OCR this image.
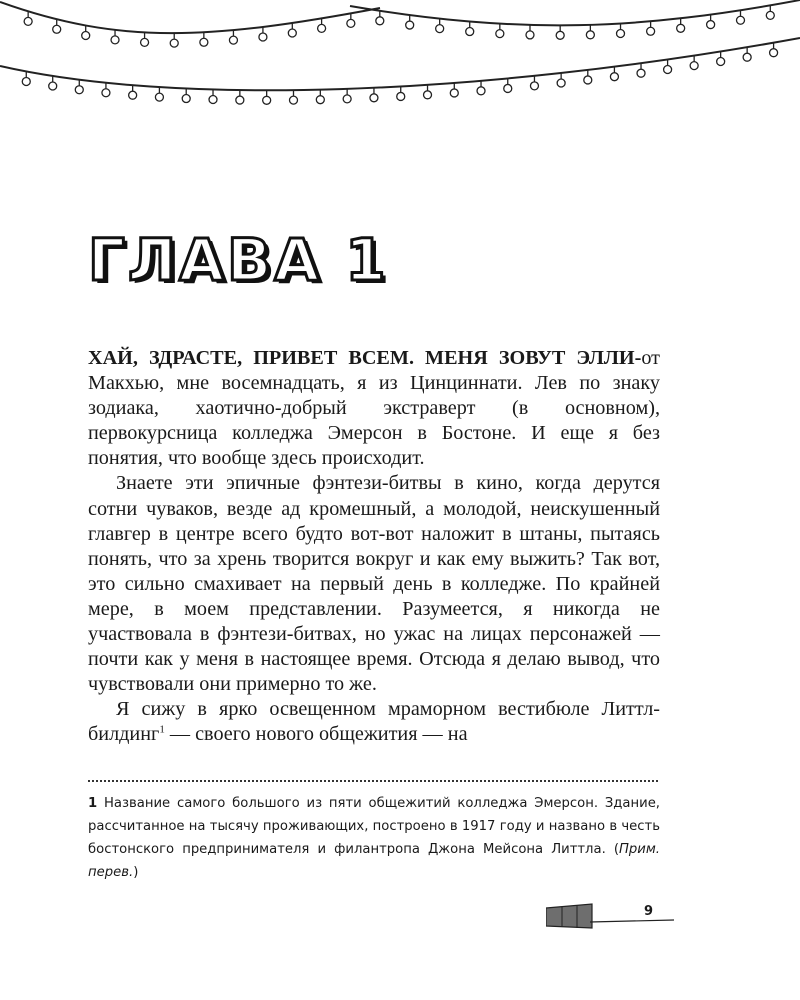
ГЛАВА 1

ХАЙ, ЗДРАСТЕ, ПРИВЕТ ВСЕМ. МЕНЯ ЗОВУТ ЭЛЛИ-от Макхью, мне восемнадцать, я из Цинциннати. Лев по знаку зодиака, хаотично-добрый экстраверт (в основном), первокурсница колледжа Эмерсон в Бостоне. И еще я без понятия, что вообще здесь происходит.

Знаете эти эпичные фэнтези-битвы в кино, когда дерутся сотни чуваков, везде ад кромешный, а молодой, неискушенный главгер в центре всего будто вот-вот наложит в штаны, пытаясь понять, что за хрень творится вокруг и как ему выжить? Так вот, это сильно смахивает на первый день в колледже. По крайней мере, в моем представлении. Разумеется, я никогда не участвовала в фэнтези-битвах, но ужас на лицах персонажей — почти как у меня в настоящее время. Отсюда я делаю вывод, что чувствовали они примерно то же.

Я сижу в ярко освещенном мраморном вестибюле Литтл-билдинг$^1$ — своего нового общежития — на

1 Название самого большого из пяти общежитий колледжа Эмерсон. Здание, рассчитанное на тысячу проживающих, построено в 1917 году и названо в честь бостонского предпринимателя и филантропа Джона Мейсона Литтла. (Прим. перев.)
9
